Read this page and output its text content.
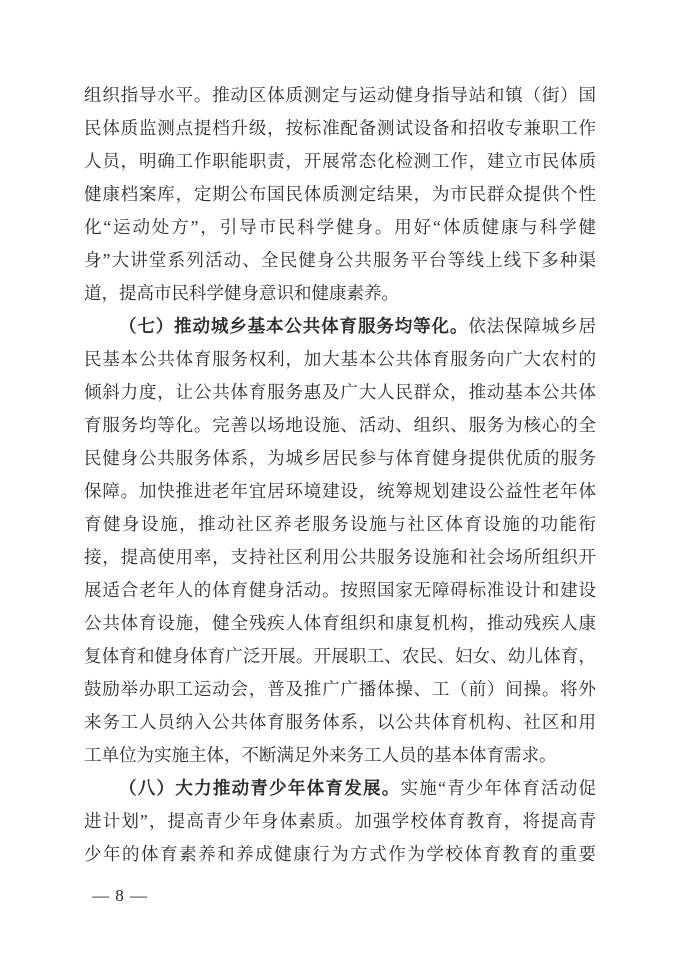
组织指导水平。推动区体质测定与运动健身指导站和镇（街）国
民体质监测点提档升级，按标准配备测试设备和招收专兼职工作
人员，明确工作职能职责，开展常态化检测工作，建立市民体质
健康档案库，定期公布国民体质测定结果，为市民群众提供个性
化“运动处方”，引导市民科学健身。用好“体质健康与科学健
身”大讲堂系列活动、全民健身公共服务平台等线上线下多种渠
道，提高市民科学健身意识和健康素养。
（七）推动城乡基本公共体育服务均等化。依法保障城乡居
民基本公共体育服务权利，加大基本公共体育服务向广大农村的
倾斜力度，让公共体育服务惠及广大人民群众，推动基本公共体
育服务均等化。完善以场地设施、活动、组织、服务为核心的全
民健身公共服务体系，为城乡居民参与体育健身提供优质的服务
保障。加快推进老年宜居环境建设，统筹规划建设公益性老年体
育健身设施，推动社区养老服务设施与社区体育设施的功能衔
接，提高使用率，支持社区利用公共服务设施和社会场所组织开
展适合老年人的体育健身活动。按照国家无障碍标准设计和建设
公共体育设施，健全残疾人体育组织和康复机构，推动残疾人康
复体育和健身体育广泛开展。开展职工、农民、妇女、幼儿体育，
鼓励举办职工运动会，普及推广广播体操、工（前）间操。将外
来务工人员纳入公共体育服务体系，以公共体育机构、社区和用
工单位为实施主体，不断满足外来务工人员的基本体育需求。
（八）大力推动青少年体育发展。实施“青少年体育活动促
进计划”，提高青少年身体素质。加强学校体育教育，将提高青
少年的体育素养和养成健康行为方式作为学校体育教育的重要
— 8 —
